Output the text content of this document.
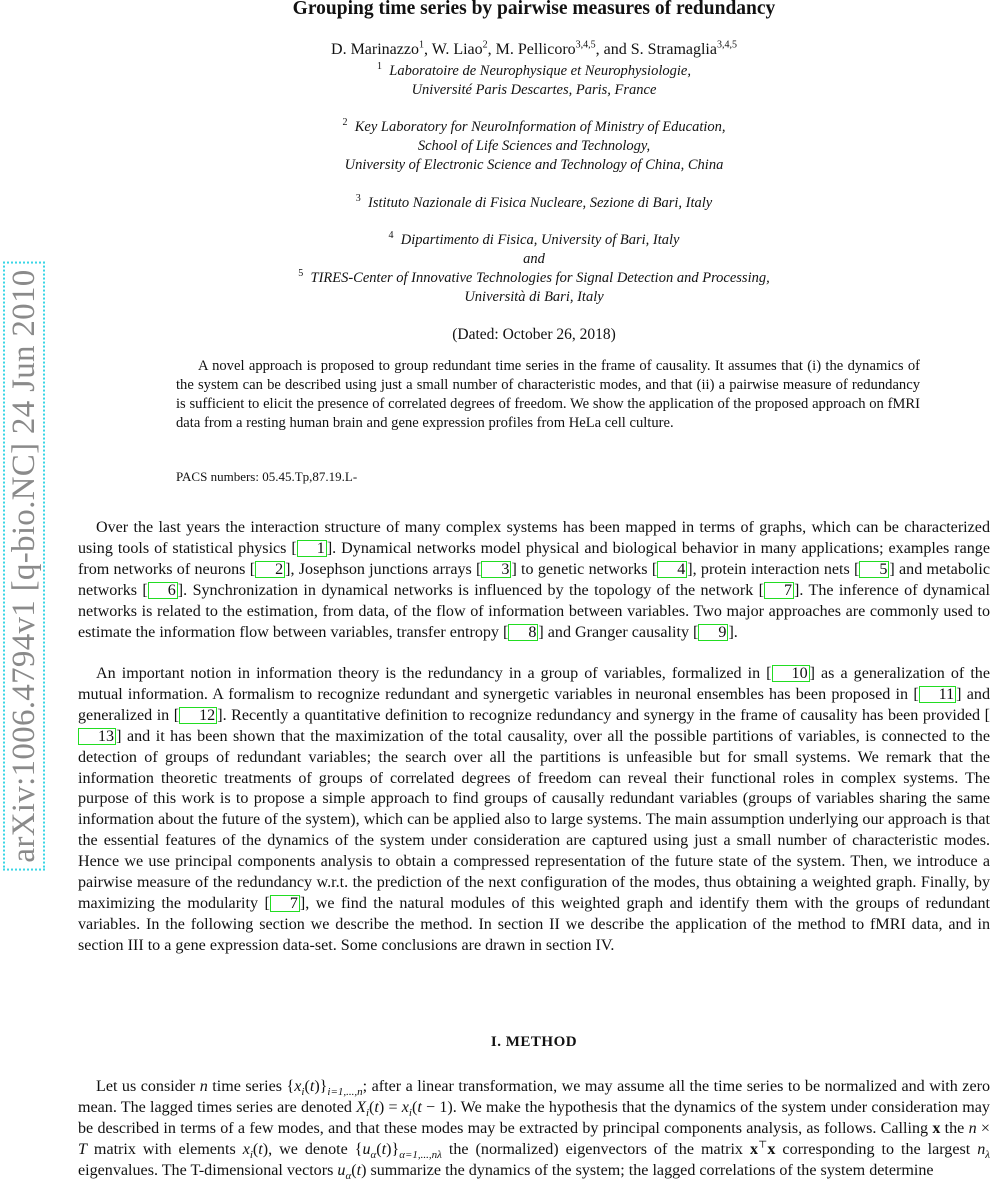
arXiv:1006.4794v1 [q-bio.NC] 24 Jun 2010
Grouping time series by pairwise measures of redundancy
D. Marinazzo$^1$, W. Liao$^2$, M. Pellicoro$^{3,4,5}$, and S. Stramaglia$^{3,4,5}$
$^1$ Laboratoire de Neurophysique et Neurophysiologie,
Université Paris Descartes, Paris, France
$^2$ Key Laboratory for NeuroInformation of Ministry of Education,
School of Life Sciences and Technology,
University of Electronic Science and Technology of China, China
$^3$ Istituto Nazionale di Fisica Nucleare, Sezione di Bari, Italy
$^4$ Dipartimento di Fisica, University of Bari, Italy
and
$^5$ TIRES-Center of Innovative Technologies for Signal Detection and Processing,
Università di Bari, Italy
(Dated: October 26, 2018)

A novel approach is proposed to group redundant time series in the frame of causality. It assumes that (i) the dynamics of the system can be described using just a small number of characteristic modes, and that (ii) a pairwise measure of redundancy is sufficient to elicit the presence of correlated degrees of freedom. We show the application of the proposed approach on fMRI data from a resting human brain and gene expression profiles from HeLa cell culture.

PACS numbers: 05.45.Tp,87.19.L-

Over the last years the interaction structure of many complex systems has been mapped in terms of graphs, which can be characterized using tools of statistical physics [ 1 ]. Dynamical networks model physical and biological behavior in many applications; examples range from networks of neurons [ 2 ], Josephson junctions arrays [ 3 ] to genetic networks [ 4 ], protein interaction nets [ 5 ] and metabolic networks [ 6 ]. Synchronization in dynamical networks is influenced by the topology of the network [ 7 ]. The inference of dynamical networks is related to the estimation, from data, of the flow of information between variables. Two major approaches are commonly used to estimate the information flow between variables, transfer entropy [ 8 ] and Granger causality [ 9 ].

An important notion in information theory is the redundancy in a group of variables, formalized in [ 10 ] as a generalization of the mutual information. A formalism to recognize redundant and synergetic variables in neuronal ensembles has been proposed in [ 11 ] and generalized in [ 12 ]. Recently a quantitative definition to recognize redundancy and synergy in the frame of causality has been provided [13 ] and it has been shown that the maximization of the total causality, over all the possible partitions of variables, is connected to the detection of groups of redundant variables; the search over all the partitions is unfeasible but for small systems. We remark that the information theoretic treatments of groups of correlated degrees of freedom can reveal their functional roles in complex systems. The purpose of this work is to propose a simple approach to find groups of causally redundant variables (groups of variables sharing the same information about the future of the system), which can be applied also to large systems. The main assumption underlying our approach is that the essential features of the dynamics of the system under consideration are captured using just a small number of characteristic modes. Hence we use principal components analysis to obtain a compressed representation of the future state of the system. Then, we introduce a pairwise measure of the redundancy w.r.t. the prediction of the next configuration of the modes, thus obtaining a weighted graph. Finally, by maximizing the modularity [ 7 ], we find the natural modules of this weighted graph and identify them with the groups of redundant variables. In the following section we describe the method. In section II we describe the application of the method to fMRI data, and in section III to a gene expression data-set. Some conclusions are drawn in section IV.

I. METHOD

Let us consider n time series $\{x_i(t)\}_{i=1,...,n}$; after a linear transformation, we may assume all the time series to be normalized and with zero mean. The lagged times series are denoted $X_i(t) = x_i(t - 1)$. We make the hypothesis that the dynamics of the system under consideration may be described in terms of a few modes, and that these modes may be extracted by principal components analysis, as follows. Calling x the n × T matrix with elements $x_i(t)$, we denote $\{u_\alpha(t)\}_{\alpha=1,...,n\lambda}$ the (normalized) eigenvectors of the matrix x⊤x corresponding to the largest $n_\lambda$ eigenvalues. The T-dimensional vectors $u_\alpha(t)$ summarize the dynamics of the system; the lagged correlations of the system determine
